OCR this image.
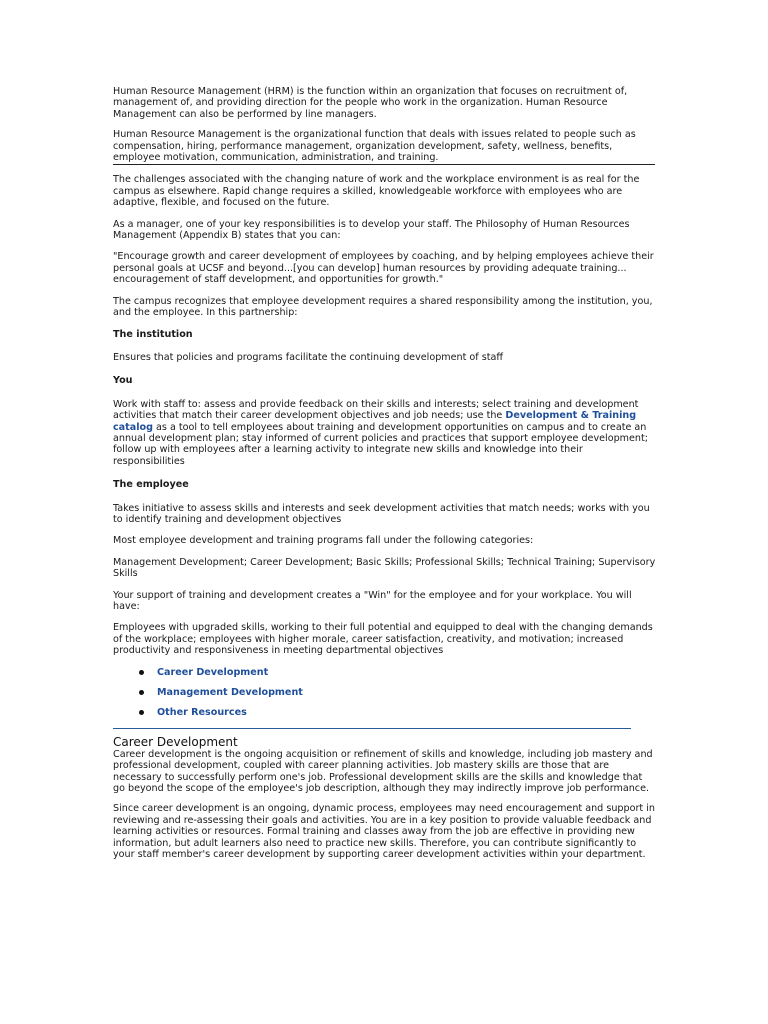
Human Resource Management (HRM) is the function within an organization that focuses on recruitment of, management of, and providing direction for the people who work in the organization. Human Resource Management can also be performed by line managers.

Human Resource Management is the organizational function that deals with issues related to people such as compensation, hiring, performance management, organization development, safety, wellness, benefits, employee motivation, communication, administration, and training.

The challenges associated with the changing nature of work and the workplace environment is as real for the campus as elsewhere. Rapid change requires a skilled, knowledgeable workforce with employees who are adaptive, flexible, and focused on the future.

As a manager, one of your key responsibilities is to develop your staff. The Philosophy of Human Resources Management (Appendix B) states that you can:

"Encourage growth and career development of employees by coaching, and by helping employees achieve their personal goals at UCSF and beyond...[you can develop] human resources by providing adequate training... encouragement of staff development, and opportunities for growth."

The campus recognizes that employee development requires a shared responsibility among the institution, you, and the employee. In this partnership:

The institution

Ensures that policies and programs facilitate the continuing development of staff

You

Work with staff to: assess and provide feedback on their skills and interests; select training and development activities that match their career development objectives and job needs; use the Development & Training catalog as a tool to tell employees about training and development opportunities on campus and to create an annual development plan; stay informed of current policies and practices that support employee development; follow up with employees after a learning activity to integrate new skills and knowledge into their responsibilities

The employee

Takes initiative to assess skills and interests and seek development activities that match needs; works with you to identify training and development objectives

Most employee development and training programs fall under the following categories:

Management Development; Career Development; Basic Skills; Professional Skills; Technical Training; Supervisory Skills

Your support of training and development creates a "Win" for the employee and for your workplace. You will have:

Employees with upgraded skills, working to their full potential and equipped to deal with the changing demands of the workplace; employees with higher morale, career satisfaction, creativity, and motivation; increased productivity and responsiveness in meeting departmental objectives

Career Development
Management Development
Other Resources
Career Development

Career development is the ongoing acquisition or refinement of skills and knowledge, including job mastery and professional development, coupled with career planning activities. Job mastery skills are those that are necessary to successfully perform one's job. Professional development skills are the skills and knowledge that go beyond the scope of the employee's job description, although they may indirectly improve job performance.

Since career development is an ongoing, dynamic process, employees may need encouragement and support in reviewing and re-assessing their goals and activities. You are in a key position to provide valuable feedback and learning activities or resources. Formal training and classes away from the job are effective in providing new information, but adult learners also need to practice new skills. Therefore, you can contribute significantly to your staff member's career development by supporting career development activities within your department.
